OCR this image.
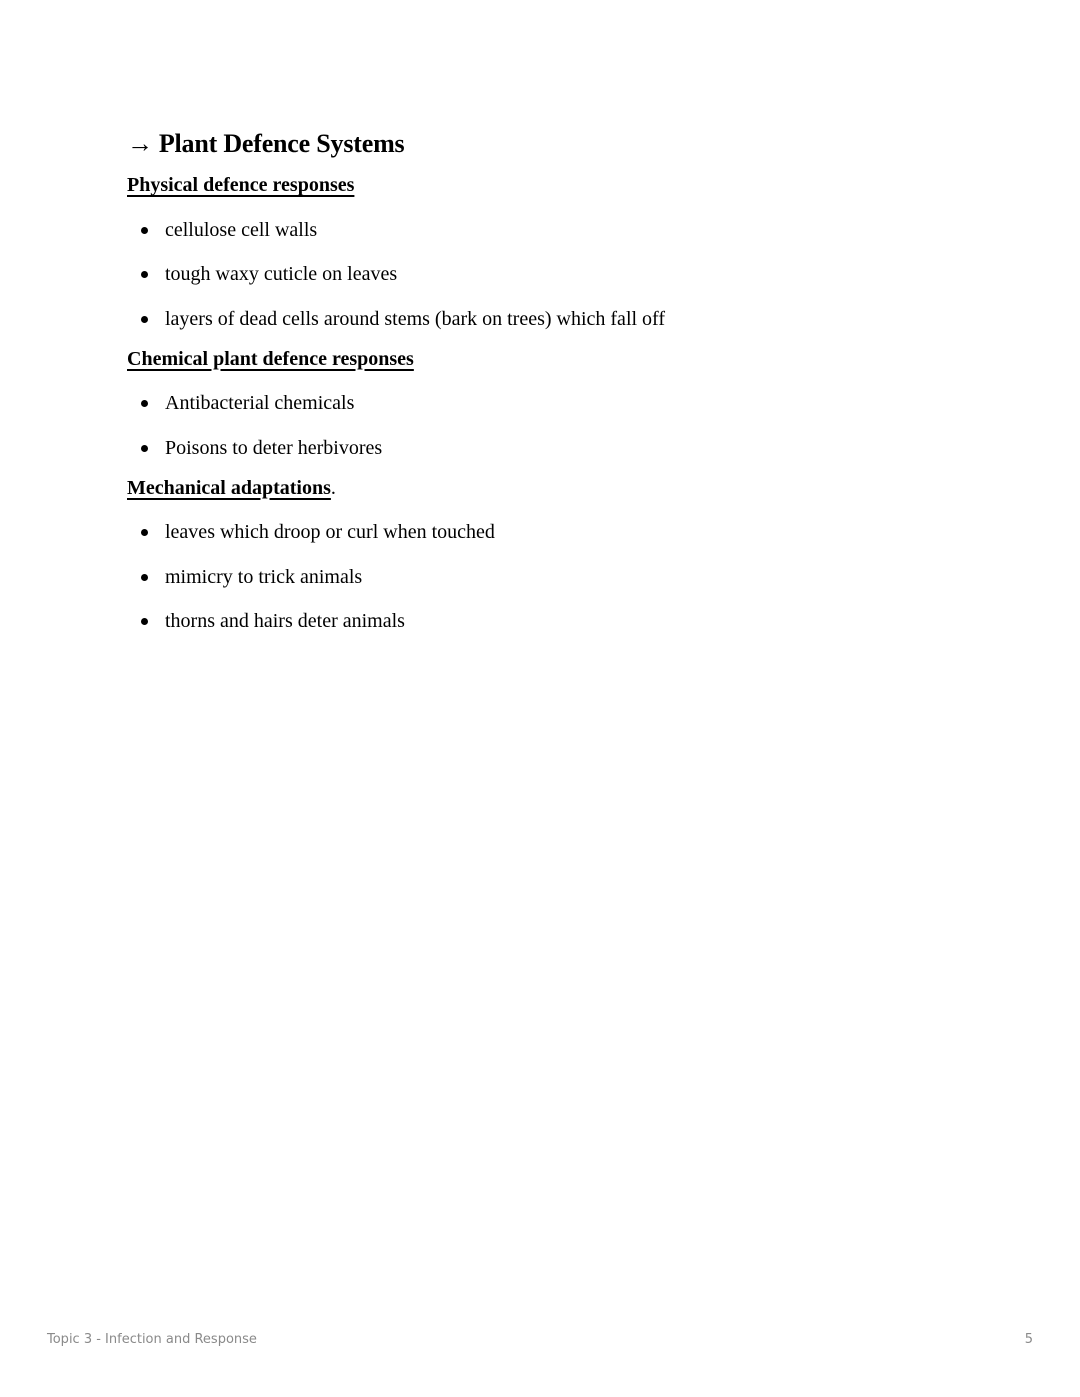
→ Plant Defence Systems
Physical defence responses
cellulose cell walls
tough waxy cuticle on leaves
layers of dead cells around stems (bark on trees) which fall off
Chemical plant defence responses
Antibacterial chemicals
Poisons to deter herbivores
Mechanical adaptations.
leaves which droop or curl when touched
mimicry to trick animals
thorns and hairs deter animals
Topic 3 - Infection and Response	5
